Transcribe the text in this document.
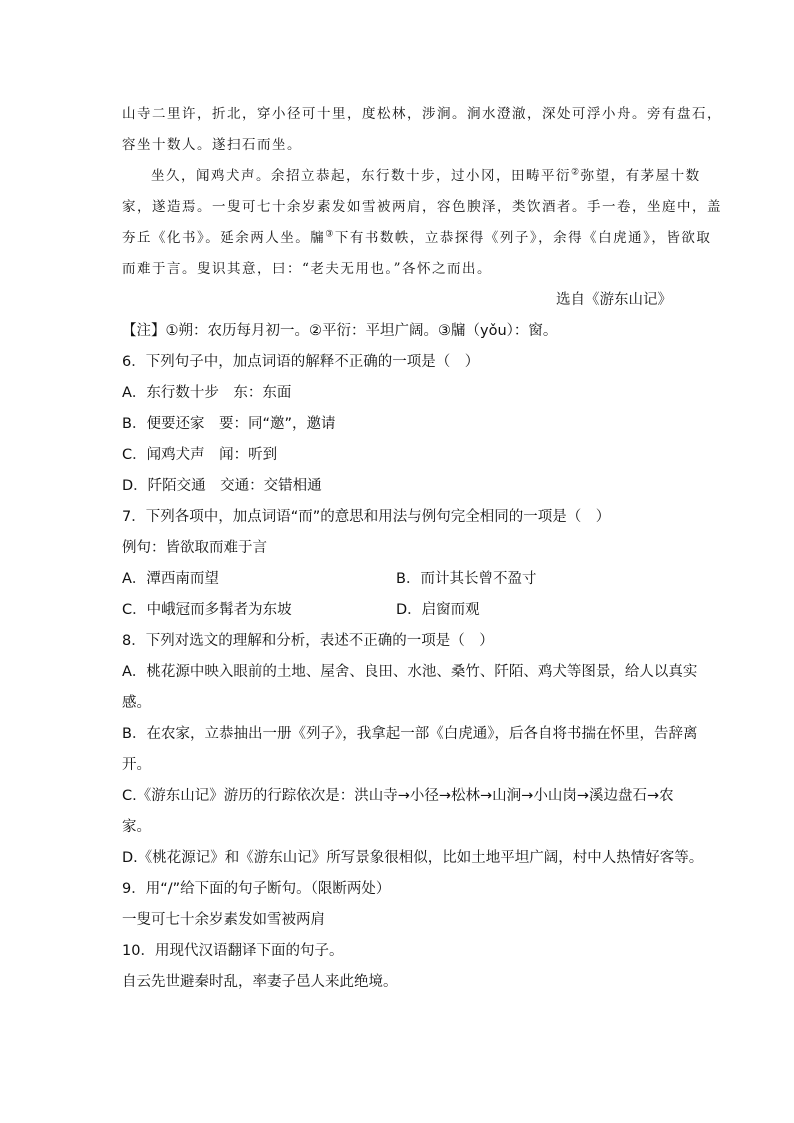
山寺二里许，折北，穿小径可十里，度松林，涉涧。涧水澄澈，深处可浮小舟。旁有盘石，
容坐十数人。遂扫石而坐。
坐久，闻鸡犬声。余招立恭起，东行数十步，过小冈，田畴平衍②弥望，有茅屋十数
家，遂造焉。一叟可七十余岁素发如雪被两肩，容色腴泽，类饮酒者。手一卷，坐庭中，盖
夯丘《化书》。延余两人坐。牖③下有书数帙，立恭探得《列子》，余得《白虎通》，皆欲取
而难于言。叟识其意，曰：“老夫无用也。”各怀之而出。
选自《游东山记》
【注】①朔：农历每月初一。②平衍：平坦广阔。③牖（yǒu）：窗。
6．下列句子中，加点词语的解释不正确的一项是（　）
A．东行数十步　东：东面
B．便要还家　要：同“邀”，邀请
C．闻鸡犬声　闻：听到
D．阡陌交通　交通：交错相通
7．下列各项中，加点词语“而”的意思和用法与例句完全相同的一项是（　）
例句：皆欲取而难于言
A．潭西南而望	B．而计其长曾不盈寸
C．中峨冠而多髯者为东坡	D．启窗而观
8．下列对选文的理解和分析，表述不正确的一项是（　）
A．桃花源中映入眼前的土地、屋舍、良田、水池、桑竹、阡陌、鸡犬等图景，给人以真实
感。
B．在农家，立恭抽出一册《列子》，我拿起一部《白虎通》，后各自将书揣在怀里，告辞离
开。
C.《游东山记》游历的行踪依次是：洪山寺→小径→松林→山涧→小山岗→溪边盘石→农
家。
D.《桃花源记》和《游东山记》所写景象很相似，比如土地平坦广阔，村中人热情好客等。
9．用“/”给下面的句子断句。（限断两处）
一叟可七十余岁素发如雪被两肩
10．用现代汉语翻译下面的句子。
自云先世避秦时乱，率妻子邑人来此绝境。
